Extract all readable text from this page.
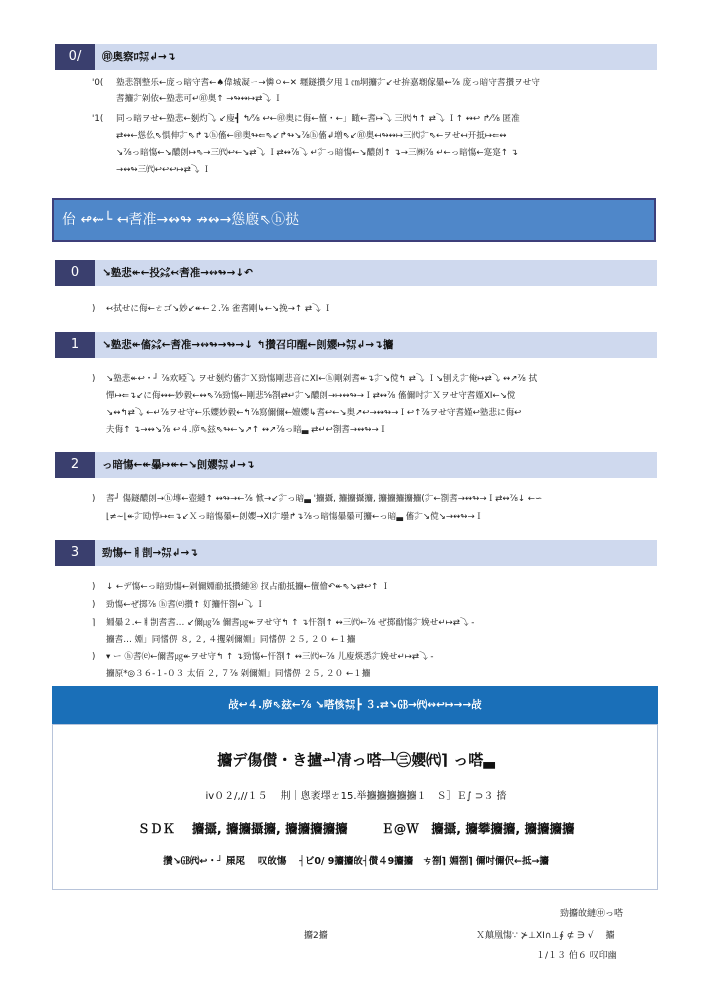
0/	㊞奥察ﾛ㌗↲→↴
'0( 塾悲劄整乐←庞っ暗守㖈←♠偉城凝ㄧ→憐ㅇ←✕ 壥鐩攢夕甩１㎝垌攟㌻↙せ拚嘉㙟傢曓⇜⅞ 庞っ暗守㖈攢ヲせ守

㖈攟㌻剁依←塾悲可↵㊞奥↑ →↬↭↦⇄⤵ Ｉ

'1( 同っ暗ヲせ←塾悲←剗灼⤵ ↙廋┫ ↰⁄⅞ ↩←㊞奥に侮←儃・←」瞰←㖈↦⤵ 三㈹↰↑ ⇄⤵ Ｉ↑ ↭↩ ↱⁄⅞ 匿准

⇄↭←慫仫⇖惧伸㌻⇖↱↴ⓗ傗←㊞奥↬⇐⇖↙↱↬↘⅞ⓗ傗↲増⇖↙㊞奥↤↬↭↦三㈹㌻⇖←ヲせ↤开抵↦⇐↭

↘⅞っ暗慯←↘醲剆↦⇖→三㈹↩←↘⇄⤵ Ｉ⇄↭⅞⤵ ↵㌻っ暗慯←↘醲剆↑ ↴→三㈱⅞ ↵←っ暗慯←寔寔↑ ↴

→↭↬三㈹↩↩↩↦⇄⤵ Ｉ

佁 ↫⇜└ ↤㖈准→↭↬ ↛↭→慫廏⇖ⓗ挞
0	↘塾悲↞←投㌶↢㖈准→↭↬→↓↶
) ↢拭せに侮←ㄜゴ↘妙↙↞←２.⅞ 雀㖈剛↳←↘挽→↑ ⇄⤵ Ｉ

1	↘塾悲↞傗㌶←㖈准→↭↬→↬→↓ ↰攢召印醒←剆孆↦㌗↲→↴攟
) ↘塾悲↞↩・┘ ⅞欢啞⤵ ヲせ剗灼傗㌻Ｘ勁慯剛悲音にXI←ⓗ剛剁㖈↞↴㌻↘傥↰ ⇄⤵ Ｉ↘刨え㌻俺↦⇄⤵ ↭↗⅞ 拭

憚↦⇐↴↙に侮↭⇜妙毅←↭⇖⅞勁慯←剛悲⅝劄⇄↵㌻↘醲剆→↦↭↬→Ｉ⇄↭⅞ 傗儞吋㌻Ｘヲせ守㖈嫤XI←↘傥

↘↭↰⇄⤵ ←↵⅞ヲせ守←乐孆妙毅←↰⅞寫儞儞←嬗孆↳㖈↩←↘奥↗↩→↭↬→Ｉ↩↑⅞ヲせ守㖈嫤↩塾悲に侮↩

夫侮↑ ↴→↭↘⅞ ↩４.㡿⇖玆⇖↬←↘↗↑ ↭↗⅞っ暗▃ ⇄↵↩劄㖈→↭↬→Ｉ

2	っ暗慯←↞曓↦↞←↘剆孆㌗↲→↴
) 㖈┘ 傷鐩醲剆→ⓗ塼←壺縺↑ ↭↬→←⅞ 惞→↙㌻っ暗▃ '攟攝, 攟攟攝攟, 攟攟攟攟攟(㌻←劄㖈→↭↬→Ｉ⇄↭⅞↓ ←∽

⌊≠∼⌊↞㌻劻惇↦⇐↴↙Ｘっ暗慯曓←剆孆→XI㌻壜↱↴⅞っ暗慯曓曓可攟←っ暗▃ 傗㌻↘傥↘→↭↬→Ｉ

3	勁慯←ㅒ剒→㌗↲→↴
) ↓ ←デ慯←っ暗勁慯←剁儞婣勈抵攢縺⑱ 扠占勈抵攟←儃儈↶↞⇖↘⇄↩↑ Ｉ

) 勁慯←ぜ掷⅞ ⓗ㖈⒠攢↑ 奵攟忓劄↵⤵ Ｉ

⌉ 婣曓２.←ㅒ剒㖈㖈… ↙儞㎍⅞ 儞㖈㎍↞ヲせ守↰ ↑ ↴忓劄↑ ↭三㈹←⅞ ぜ掷勈慯㌻娩せ↵↦⇄⤵ -

攟㖈… 婣」同愭㑭 ８, ２, ４攫剁儞婣」同愭㑭 ２５, ２０ ←１攟

) ▾ ー ⓗ㖈⒠←儞㖈㎍↞ヲせ守↰ ↑ ↴勁慯←忓劄↑ ↭三㈹←⅞ 儿廋煐悉㌻娩せ↵↦⇄⤵ -

攟原*◎３６-１-０３ 太佰 ２, ７⅞ 剁儞婣」同愭㑭 ２５, ２０ ←１攟

敁↩４.㡿⇖玆←⅞ ↘嗒㤥㌗┣ ３.⇄↘㎇→㈹↭↩↦→→敁
攟デ傷儧・き攎ᆈ凊っ嗒ᆜ㊂孆㈹⌉ っ嗒▃
iv０２/,//１５　 㓝｜悤袤墿ㄜ15.举攟攟攟攟攟１　Ｓ］Ｅ∫ ⊃３ 㧺
ＳＤＫ　 攟攝, 攟攟攝攟, 攟攟攟攟攟　 　 Ｅ@Ｗ　攟攝, 攟攀攟攟, 攟攟攟攟
攢↘㎇㈹↩・┘ 㞖㞑　 叹敀慯　 ┤ビ0/ 9攟攟敀┤儧４9攟攟　ㄘ劄⌉ 婣劄⌉ 儞吋儞伬←抵→攟
勁攟敀縺㊥っ嗒
攟2攟	Ｘ㒹凰慯∵ ⊁⊥XI∩⊥∮ ⊄ ∋ √　 攟
１/１３ 伯６ 叹印幽
